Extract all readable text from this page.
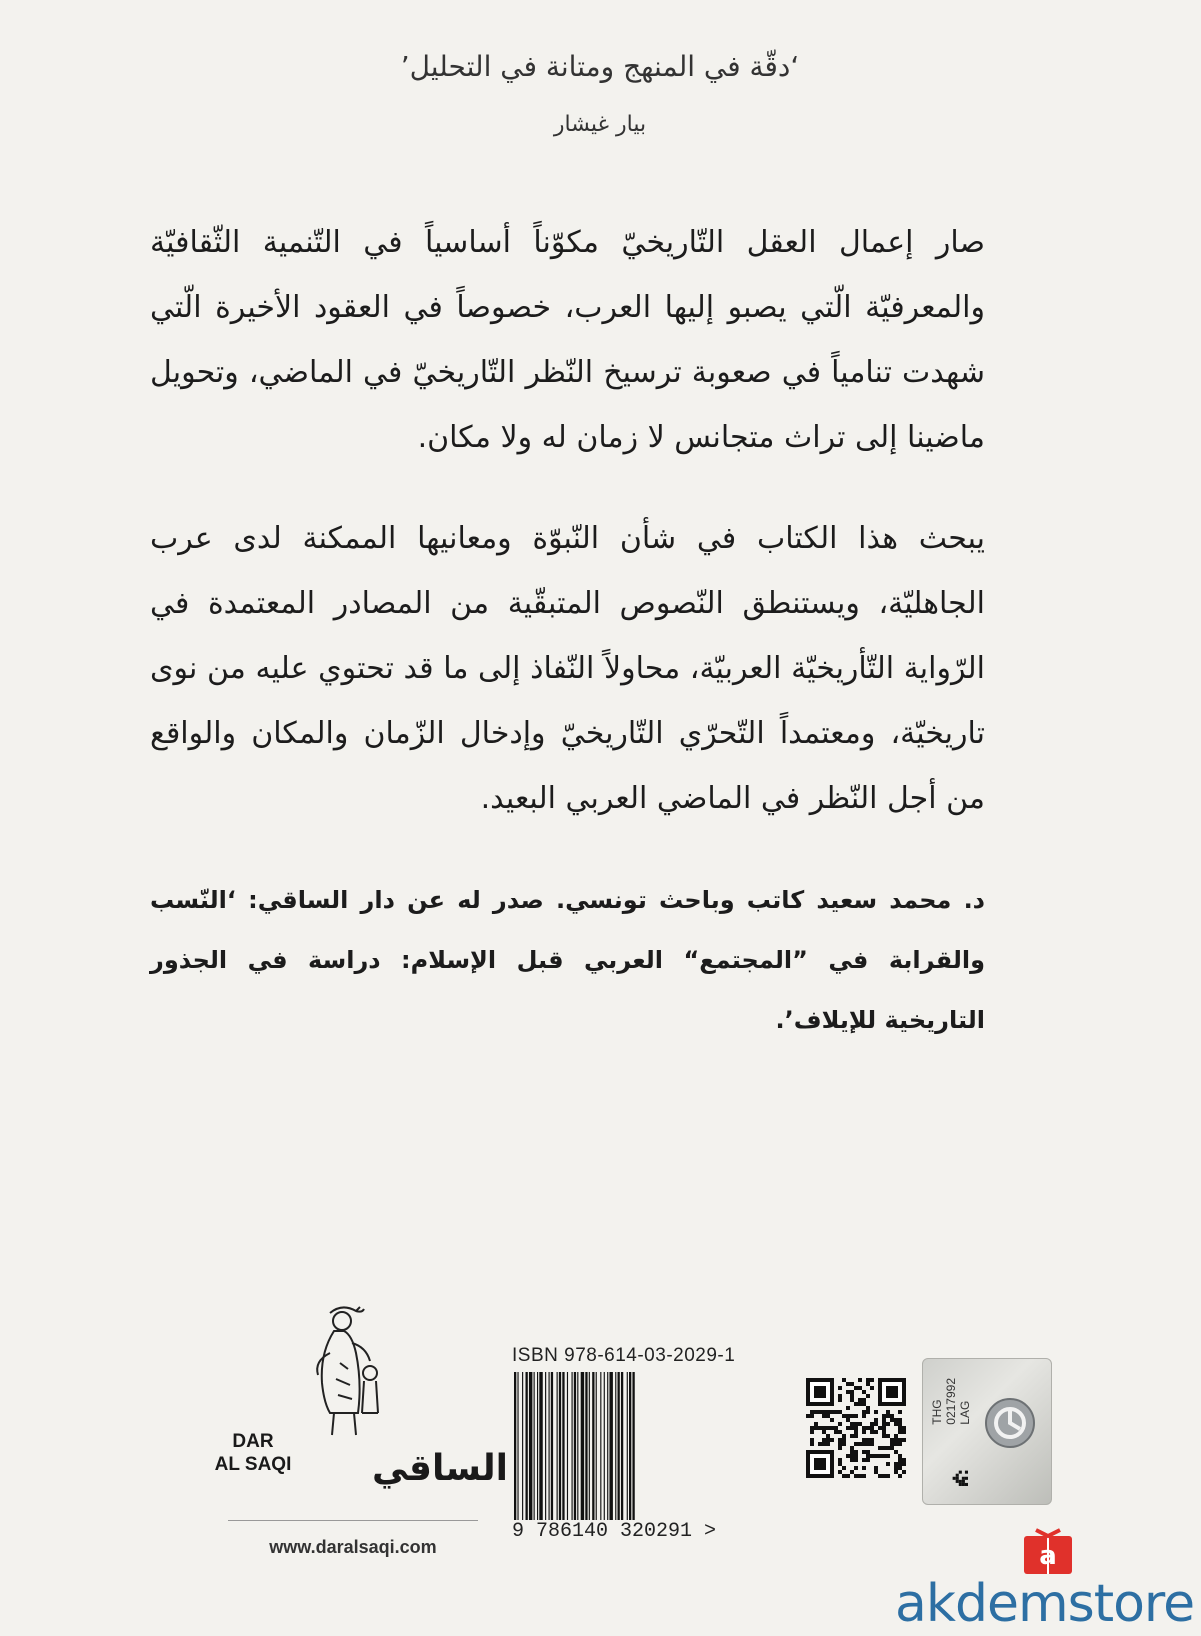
‘دقّة في المنهج ومتانة في التحليل’
بيار غيشار

صار إعمال العقل التّاريخيّ مكوّناً أساسياً في التّنمية الثّقافيّة والمعرفيّة الّتي يصبو إليها العرب، خصوصاً في العقود الأخيرة الّتي شهدت تنامياً في صعوبة ترسيخ النّظر التّاريخيّ في الماضي، وتحويل ماضينا إلى تراث متجانس لا زمان له ولا مكان.

يبحث هذا الكتاب في شأن النّبوّة ومعانيها الممكنة لدى عرب الجاهليّة، ويستنطق النّصوص المتبقّية من المصادر المعتمدة في الرّواية التّأريخيّة العربيّة، محاولاً النّفاذ إلى ما قد تحتوي عليه من نوى تاريخيّة، ومعتمداً التّحرّي التّاريخيّ وإدخال الزّمان والمكان والواقع من أجل النّظر في الماضي العربي البعيد.

د. محمد سعيد كاتب وباحث تونسي. صدر له عن دار الساقي: ‘النّسب والقرابة في ”المجتمع“ العربي قبل الإسلام: دراسة في الجذور التاريخية للإيلاف’.

DAR
AL SAQI الساقي
www.daralsaqi.com
ISBN 978-614-03-2029-1
9 786140 320291 >
THG
0217992
LAG
a
akdemstore
